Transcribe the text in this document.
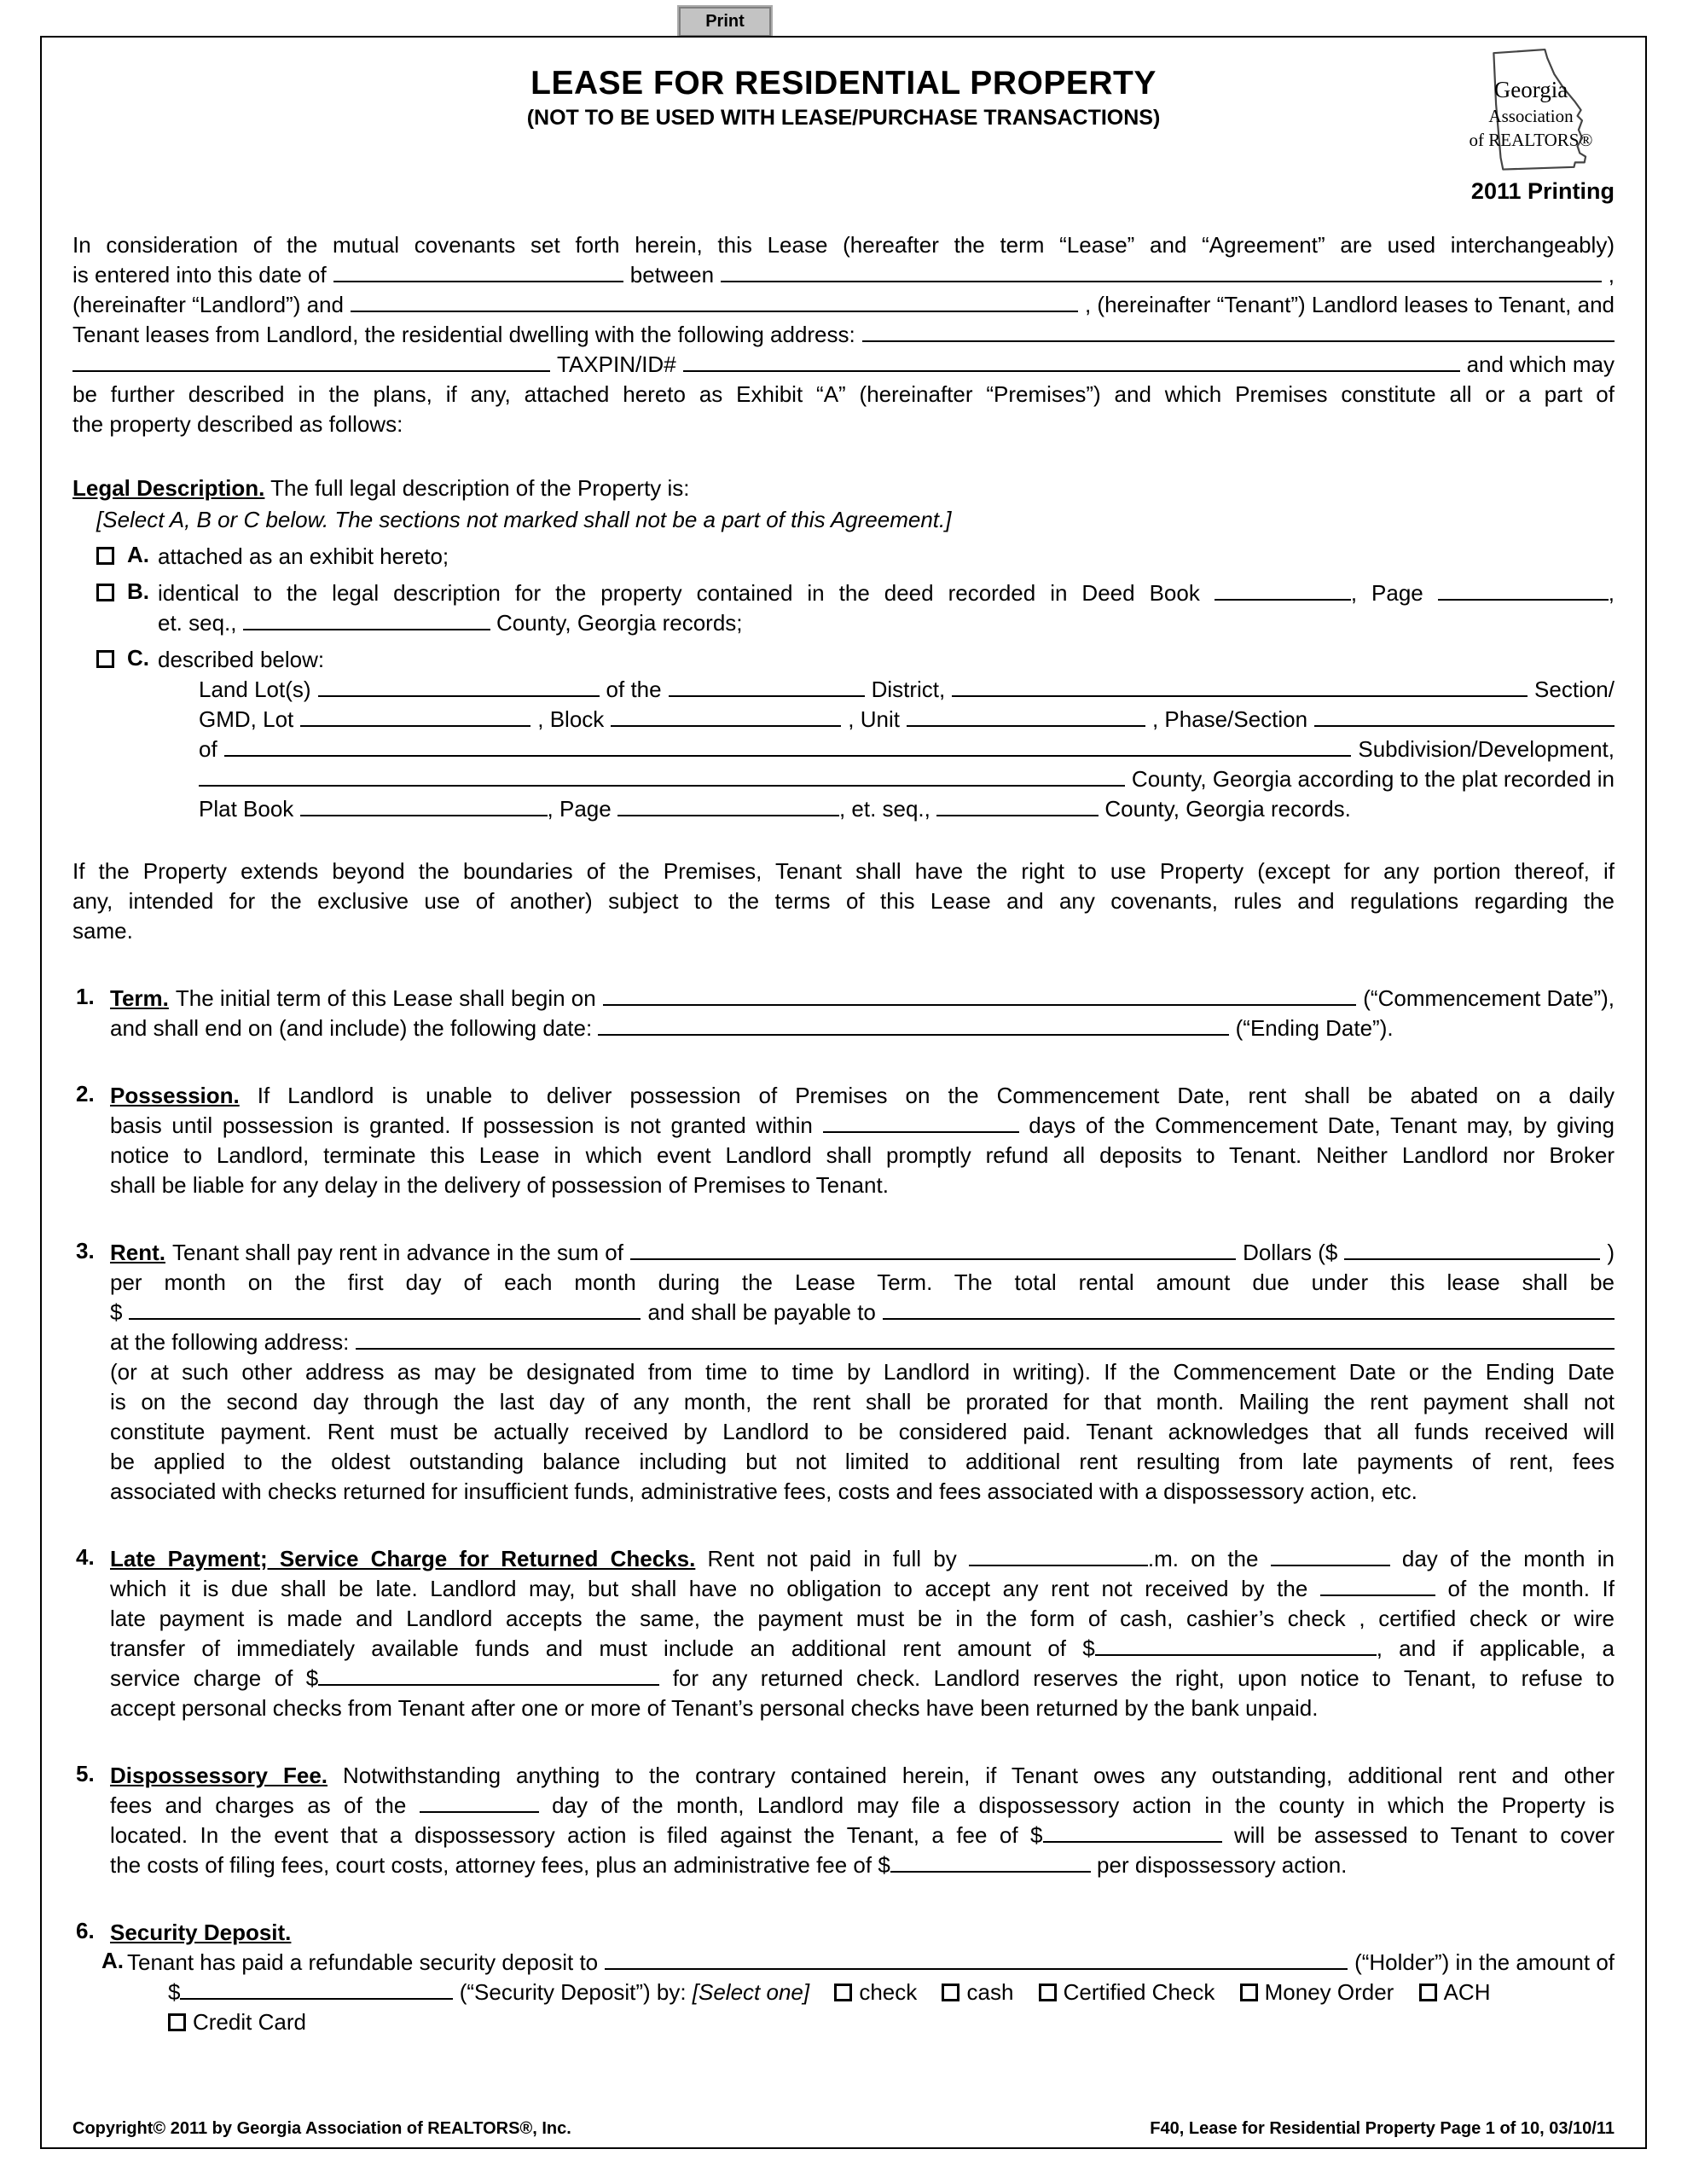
Print
LEASE FOR RESIDENTIAL PROPERTY
(NOT TO BE USED WITH LEASE/PURCHASE TRANSACTIONS)
Georgia
Association
of REALTORS®
2011 Printing
In consideration of the mutual covenants set forth herein, this Lease (hereafter the term “Lease” and “Agreement” are used interchangeably)
is entered into this date of	between	,
(hereinafter “Landlord”) and	, (hereinafter “Tenant”) Landlord leases to Tenant, and
Tenant leases from Landlord, the residential dwelling with the following address:
TAXPIN/ID#	and which may
be further described in the plans, if any, attached hereto as Exhibit “A” (hereinafter “Premises”) and which Premises constitute all or a part of
the property described as follows:
Legal Description. The full legal description of the Property is:
[Select A, B or C below. The sections not marked shall not be a part of this Agreement.]
A. attached as an exhibit hereto;
B. identical to the legal description for the property contained in the deed recorded in Deed Book	, Page	,
et. seq.,	County, Georgia records;
C. described below:
Land Lot(s)	of the	District,	Section/
GMD, Lot	, Block	, Unit	, Phase/Section
of	Subdivision/Development,
County, Georgia according to the plat recorded in
Plat Book	, Page	, et. seq.,	County, Georgia records.
If the Property extends beyond the boundaries of the Premises, Tenant shall have the right to use Property (except for any portion thereof, if
any, intended for the exclusive use of another) subject to the terms of this Lease and any covenants, rules and regulations regarding the
same.
1. Term. The initial term of this Lease shall begin on	(“Commencement Date”),
and shall end on (and include) the following date:	(“Ending Date”).
2. Possession. If Landlord is unable to deliver possession of Premises on the Commencement Date, rent shall be abated on a daily
basis until possession is granted. If possession is not granted within	days of the Commencement Date, Tenant may, by giving
notice to Landlord, terminate this Lease in which event Landlord shall promptly refund all deposits to Tenant. Neither Landlord nor Broker
shall be liable for any delay in the delivery of possession of Premises to Tenant.
3. Rent. Tenant shall pay rent in advance in the sum of	Dollars ($	)
per month on the first day of each month during the Lease Term. The total rental amount due under this lease shall be
$	and shall be payable to
at the following address:
(or at such other address as may be designated from time to time by Landlord in writing). If the Commencement Date or the Ending Date
is on the second day through the last day of any month, the rent shall be prorated for that month. Mailing the rent payment shall not
constitute payment. Rent must be actually received by Landlord to be considered paid. Tenant acknowledges that all funds received will
be applied to the oldest outstanding balance including but not limited to additional rent resulting from late payments of rent, fees
associated with checks returned for insufficient funds, administrative fees, costs and fees associated with a dispossessory action, etc.
4. Late Payment; Service Charge for Returned Checks. Rent not paid in full by	.m. on the	day of the month in
which it is due shall be late. Landlord may, but shall have no obligation to accept any rent not received by the	of the month. If
late payment is made and Landlord accepts the same, the payment must be in the form of cash, cashier’s check , certified check or wire
transfer of immediately available funds and must include an additional rent amount of $	, and if applicable, a
service charge of $	for any returned check. Landlord reserves the right, upon notice to Tenant, to refuse to
accept personal checks from Tenant after one or more of Tenant’s personal checks have been returned by the bank unpaid.
5. Dispossessory Fee. Notwithstanding anything to the contrary contained herein, if Tenant owes any outstanding, additional rent and other
fees and charges as of the	day of the month, Landlord may file a dispossessory action in the county in which the Property is
located. In the event that a dispossessory action is filed against the Tenant, a fee of $	will be assessed to Tenant to cover
the costs of filing fees, court costs, attorney fees, plus an administrative fee of $	per dispossessory action.
6. Security Deposit.
A. Tenant has paid a refundable security deposit to	(“Holder”) in the amount of
$	(“Security Deposit”) by: [Select one] check cash Certified Check Money Order ACH
Credit Card
Copyright© 2011 by Georgia Association of REALTORS®, Inc.	F40, Lease for Residential Property Page 1 of 10, 03/10/11
